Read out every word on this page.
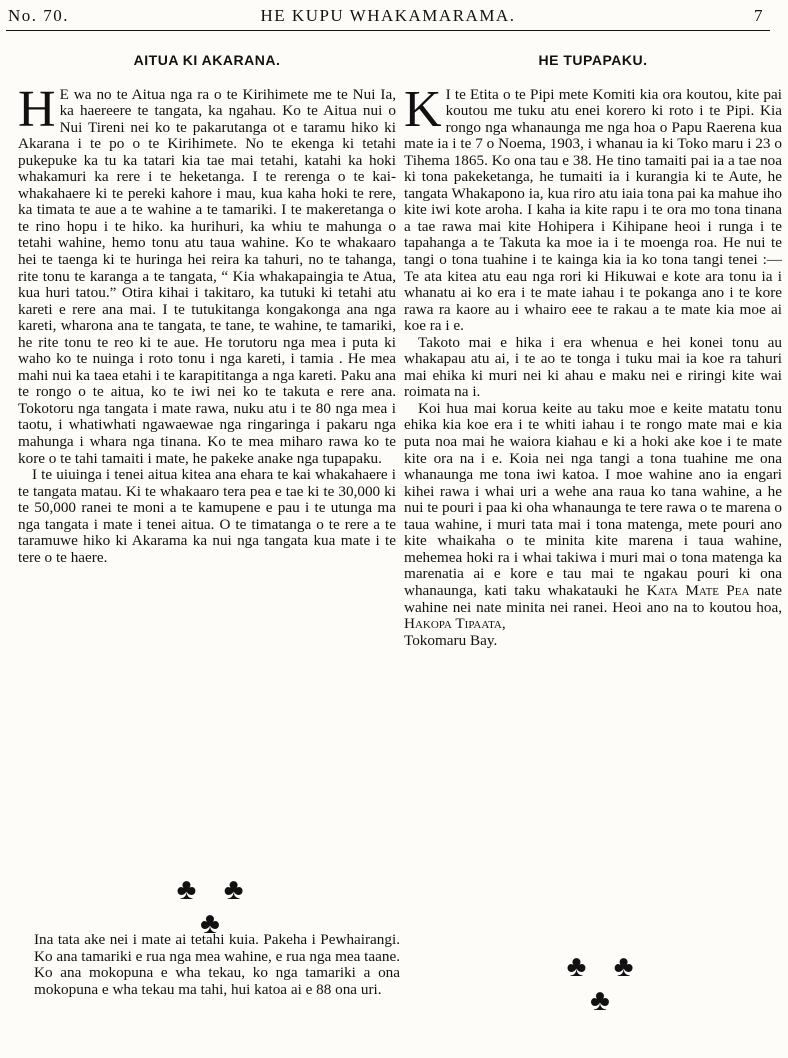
No. 70.	HE KUPU WHAKAMARAMA.	7
AITUA KI AKARANA.

H E wa no te Aitua nga ra o te Kirihimete me te Nui Ia, ka haereere te tangata, ka ngahau. Ko te Aitua nui o Nui Tireni nei ko te pakarutanga ot e taramu hiko ki Akarana i te po o te Kirihimete. No te ekenga ki tetahi pukepuke ka tu ka tatari kia tae mai tetahi, katahi ka hoki whakamuri ka rere i te heketanga. I te rerenga o te kai-whakahaere ki te pereki kahore i mau, kua kaha hoki te rere, ka timata te aue a te wahine a te tamariki. I te makeretanga o te rino hopu i te hiko. ka hurihuri, ka whiu te mahunga o tetahi wahine, hemo tonu atu taua wahine. Ko te whakaaro hei te taenga ki te huringa hei reira ka tahuri, no te tahanga, rite tonu te karanga a te tangata, “ Kia whakapaingia te Atua, kua huri tatou.” Otira kihai i takitaro, ka tutuki ki tetahi atu kareti e rere ana mai. I te tutukitanga kongakonga ana nga kareti, wharona ana te tangata, te tane, te wahine, te tamariki, he rite tonu te reo ki te aue. He torutoru nga mea i puta ki waho ko te nuinga i roto tonu i nga kareti, i tamia . He mea mahi nui ka taea etahi i te karapititanga a nga kareti. Paku ana te rongo o te aitua, ko te iwi nei ko te takuta e rere ana. Tokotoru nga tangata i mate rawa, nuku atu i te 80 nga mea i taotu, i whatiwhati ngawaewae nga ringaringa i pakaru nga mahunga i whara nga tinana. Ko te mea miharo rawa ko te kore o te tahi tamaiti i mate, he pakeke anake nga tupapaku.

I te uiuinga i tenei aitua kitea ana ehara te kai whakahaere i te tangata matau. Ki te whakaaro tera pea e tae ki te 30,000 ki te 50,000 ranei te moni a te kamupene e pau i te utunga ma nga tangata i mate i tenei aitua. O te timatanga o te rere a te taramuwe hiko ki Akarama ka nui nga tangata kua mate i te tere o te haere.

HE TUPAPAKU.

K I te Etita o te Pipi mete Komiti kia ora koutou, kite pai koutou me tuku atu enei korero ki roto i te Pipi. Kia rongo nga whanaunga me nga hoa o Papu Raerena kua mate ia i te 7 o Noema, 1903, i whanau ia ki Toko maru i 23 o Tihema 1865. Ko ona tau e 38. He tino tamaiti pai ia a tae noa ki tona pakeketanga, he tumaiti ia i kurangia ki te Aute, he tangata Whakapono ia, kua riro atu iaia tona pai ka mahue iho kite iwi kote aroha. I kaha ia kite rapu i te ora mo tona tinana a tae rawa mai kite Hohipera i Kihipane heoi i runga i te tapahanga a te Takuta ka moe ia i te moenga roa. He nui te tangi o tona tuahine i te kainga kia ia ko tona tangi tenei :—Te ata kitea atu eau nga rori ki Hikuwai e kote ara tonu ia i whanatu ai ko era i te mate iahau i te pokanga ano i te kore rawa ra kaore au i whairo eee te rakau a te mate kia moe ai koe ra i e.

Takoto mai e hika i era whenua e hei konei tonu au whakapau atu ai, i te ao te tonga i tuku mai ia koe ra tahuri mai ehika ki muri nei ki ahau e maku nei e riringi kite wai roimata na i.

Koi hua mai korua keite au taku moe e keite matatu tonu ehika kia koe era i te whiti iahau i te rongo mate mai e kia puta noa mai he waiora kiahau e ki a hoki ake koe i te mate kite ora na i e. Koia nei nga tangi a tona tuahine me ona whanaunga me tona iwi katoa. I moe wahine ano ia engari kihei rawa i whai uri a wehe ana raua ko tana wahine, a he nui te pouri i paa ki oha whanaunga te tere rawa o te marena o taua wahine, i muri tata mai i tona matenga, mete pouri ano kite whaikaha o te minita kite marena i taua wahine, mehemea hoki ra i whai takiwa i muri mai o tona matenga ka marenatia ai e kore e tau mai te ngakau pouri ki ona whanaunga, kati taku whakatauki he Kata Mate Pea nate wahine nei nate minita nei ranei. Heoi ano na to koutou hoa, Hakopa Tipaata,
Tokomaru Bay.

♣ ♣ ♣
♣ ♣ ♣
Ina tata ake nei i mate ai tetahi kuia. Pakeha i Pewhairangi. Ko ana tamariki e rua nga mea wahine, e rua nga mea taane. Ko ana mokopuna e wha tekau, ko nga tamariki a ona mokopuna e wha tekau ma tahi, hui katoa ai e 88 ona uri.
